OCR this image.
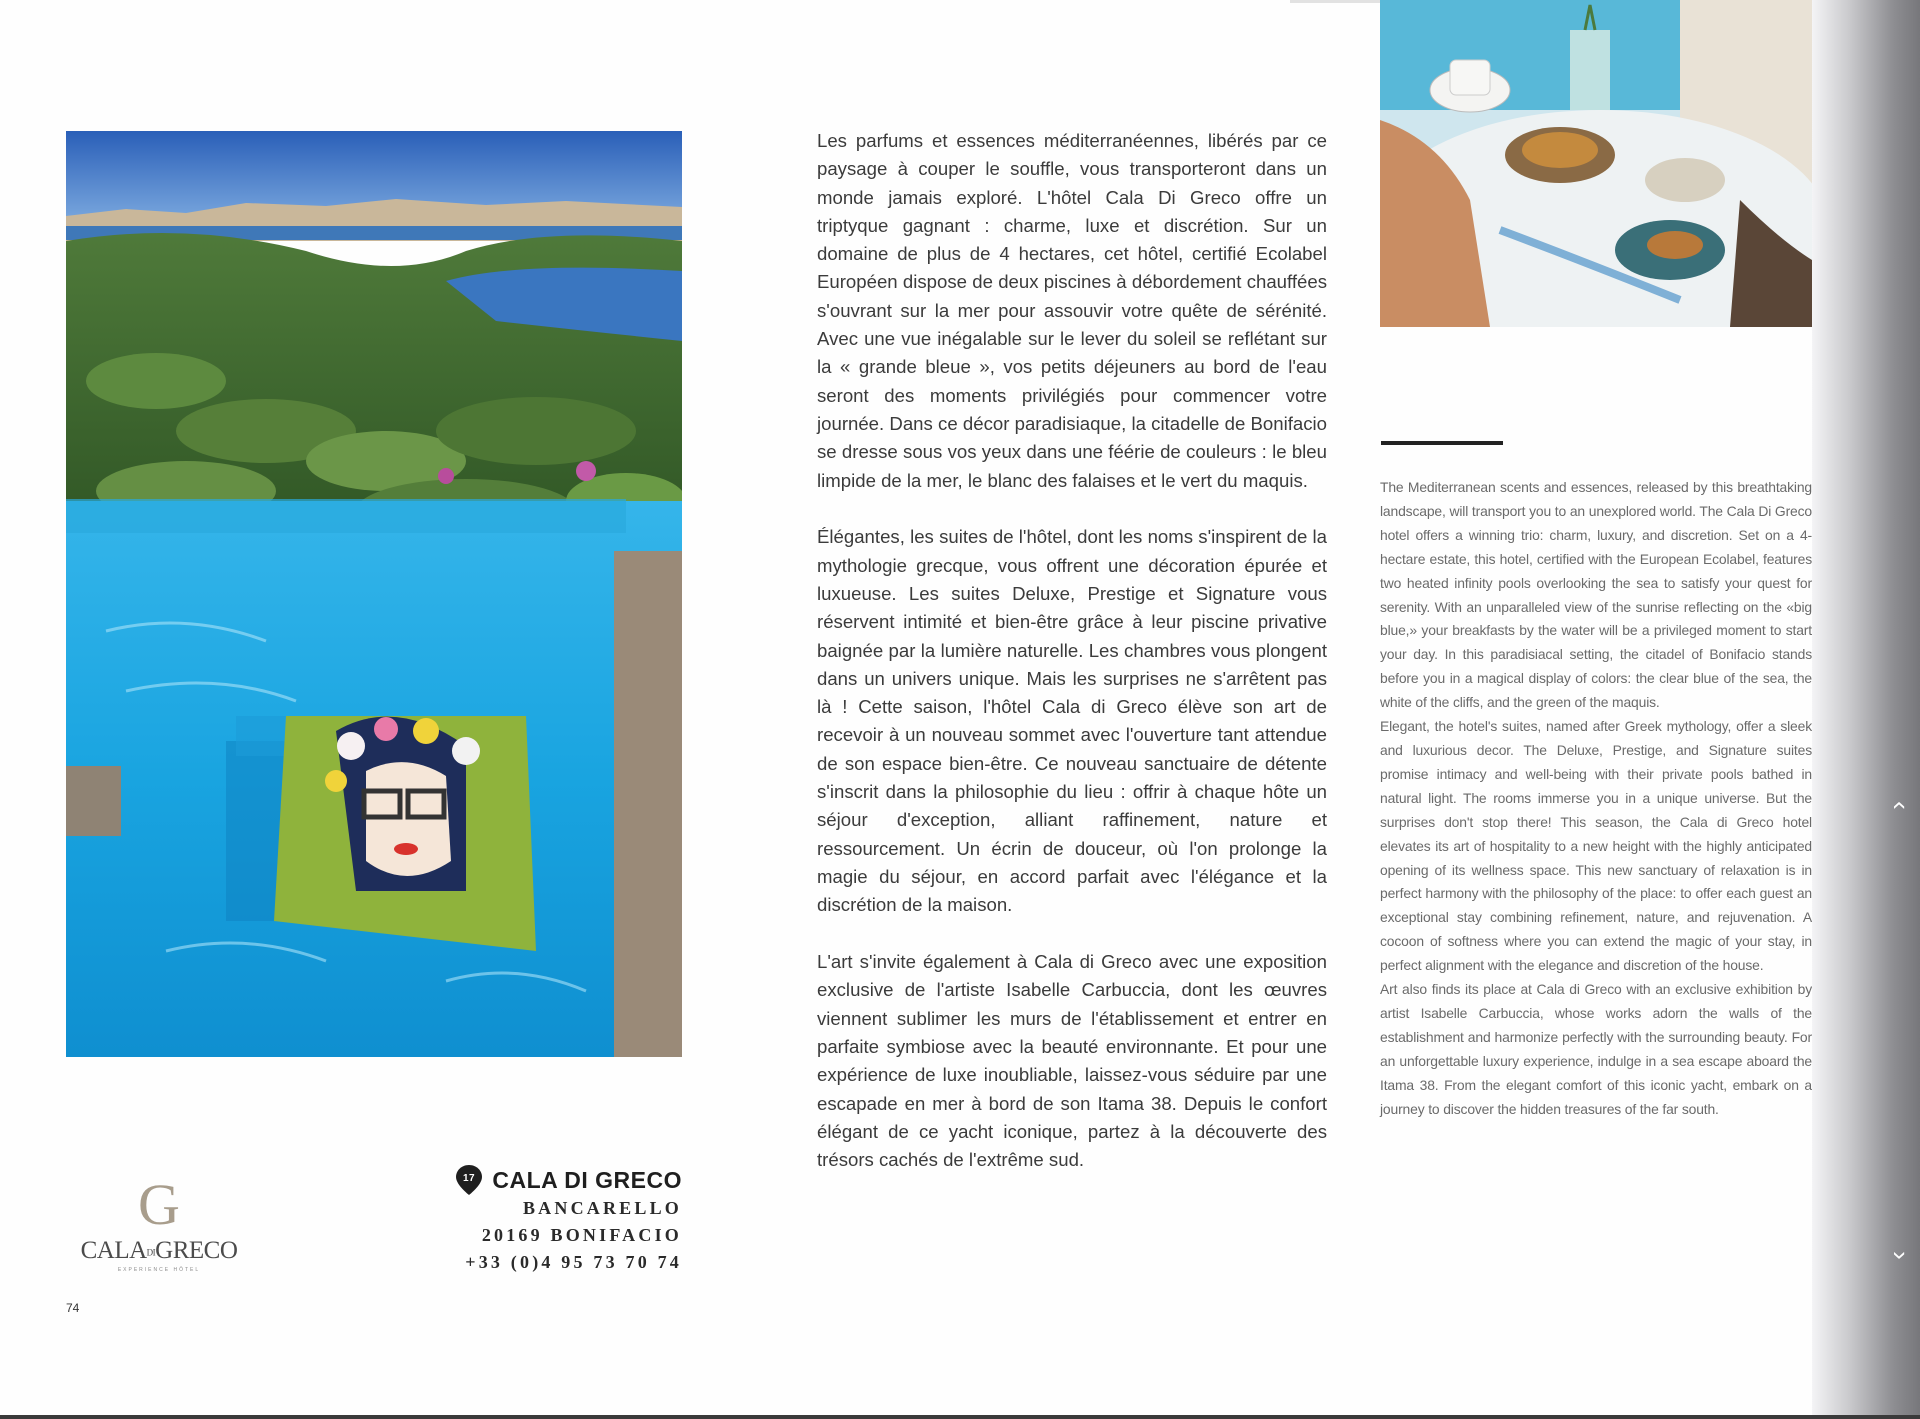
G
CALADIGRECO
EXPERIENCE HÔTEL
17 CALA DI GRECO
BANCARELLO
20169 BONIFACIO
+33 (0)4 95 73 70 74
74

Les parfums et essences méditerranéennes, libérés par ce paysage à couper le souffle, vous transporteront dans un monde jamais exploré. L'hôtel Cala Di Greco offre un triptyque gagnant : charme, luxe et discrétion. Sur un domaine de plus de 4 hectares, cet hôtel, certifié Ecolabel Européen dispose de deux piscines à débordement chauffées s'ouvrant sur la mer pour assouvir votre quête de sérénité. Avec une vue inégalable sur le lever du soleil se reflétant sur la « grande bleue », vos petits déjeuners au bord de l'eau seront des moments privilégiés pour commencer votre journée. Dans ce décor paradisiaque, la citadelle de Bonifacio se dresse sous vos yeux dans une féérie de couleurs : le bleu limpide de la mer, le blanc des falaises et le vert du maquis.

Élégantes, les suites de l'hôtel, dont les noms s'inspirent de la mythologie grecque, vous offrent une décoration épurée et luxueuse. Les suites Deluxe, Prestige et Signature vous réservent intimité et bien-être grâce à leur piscine privative baignée par la lumière naturelle. Les chambres vous plongent dans un univers unique. Mais les surprises ne s'arrêtent pas là ! Cette saison, l'hôtel Cala di Greco élève son art de recevoir à un nouveau sommet avec l'ouverture tant attendue de son espace bien-être. Ce nouveau sanctuaire de détente s'inscrit dans la philosophie du lieu : offrir à chaque hôte un séjour d'exception, alliant raffinement, nature et ressourcement. Un écrin de douceur, où l'on prolonge la magie du séjour, en accord parfait avec l'élégance et la discrétion de la maison.

L'art s'invite également à Cala di Greco avec une exposition exclusive de l'artiste Isabelle Carbuccia, dont les œuvres viennent sublimer les murs de l'établissement et entrer en parfaite symbiose avec la beauté environnante. Et pour une expérience de luxe inoubliable, laissez-vous séduire par une escapade en mer à bord de son Itama 38. Depuis le confort élégant de ce yacht iconique, partez à la découverte des trésors cachés de l'extrême sud.

The Mediterranean scents and essences, released by this breathtaking landscape, will transport you to an unexplored world. The Cala Di Greco hotel offers a winning trio: charm, luxury, and discretion. Set on a 4-hectare estate, this hotel, certified with the European Ecolabel, features two heated infinity pools overlooking the sea to satisfy your quest for serenity. With an unparalleled view of the sunrise reflecting on the «big blue,» your breakfasts by the water will be a privileged moment to start your day. In this paradisiacal setting, the citadel of Bonifacio stands before you in a magical display of colors: the clear blue of the sea, the white of the cliffs, and the green of the maquis.

Elegant, the hotel's suites, named after Greek mythology, offer a sleek and luxurious decor. The Deluxe, Prestige, and Signature suites promise intimacy and well-being with their private pools bathed in natural light. The rooms immerse you in a unique universe. But the surprises don't stop there! This season, the Cala di Greco hotel elevates its art of hospitality to a new height with the highly anticipated opening of its wellness space. This new sanctuary of relaxation is in perfect harmony with the philosophy of the place: to offer each guest an exceptional stay combining refinement, nature, and rejuvenation. A cocoon of softness where you can extend the magic of your stay, in perfect alignment with the elegance and discretion of the house.

Art also finds its place at Cala di Greco with an exclusive exhibition by artist Isabelle Carbuccia, whose works adorn the walls of the establishment and harmonize perfectly with the surrounding beauty. For an unforgettable luxury experience, indulge in a sea escape aboard the Itama 38. From the elegant comfort of this iconic yacht, embark on a journey to discover the hidden treasures of the far south.

‹
›
